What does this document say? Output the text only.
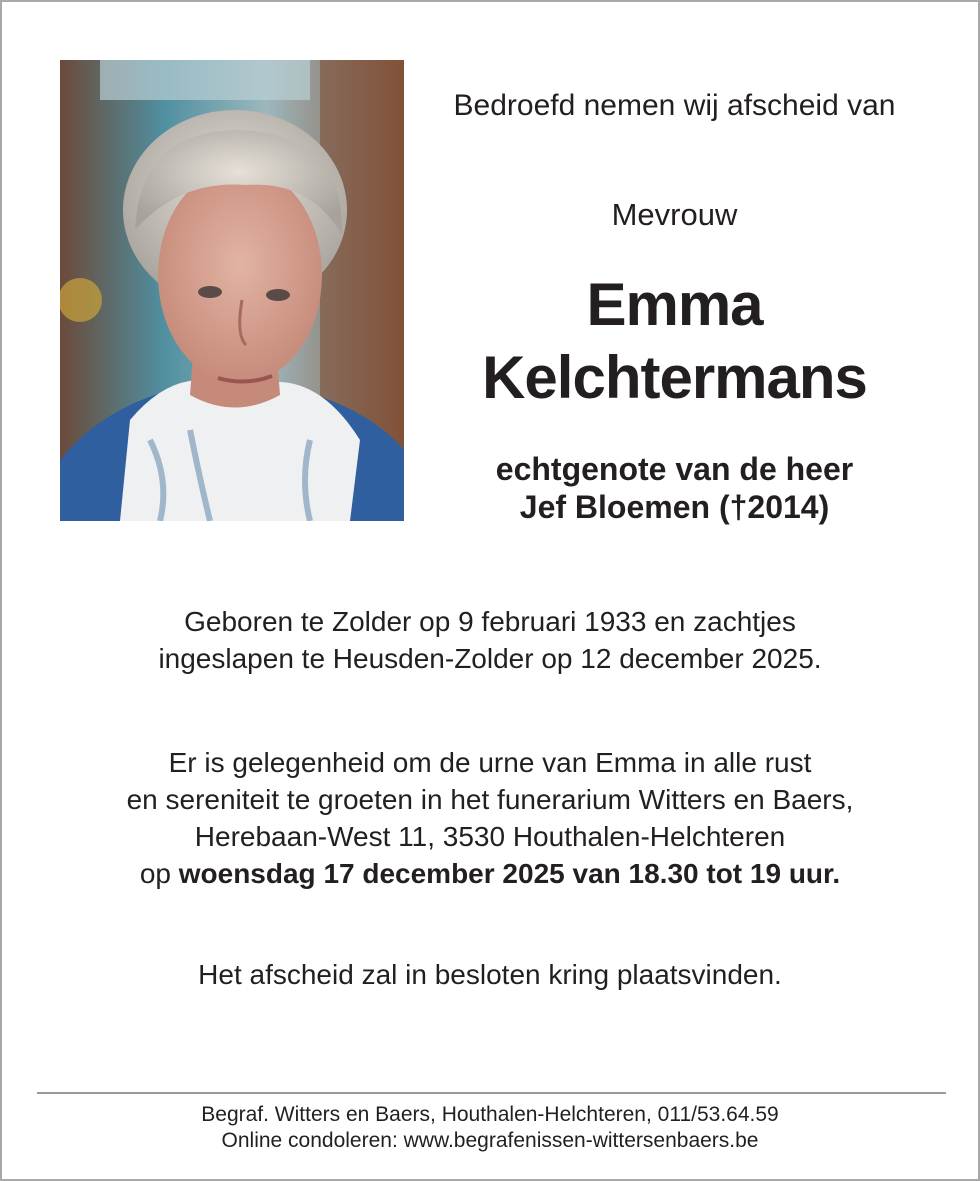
Bedroefd nemen wij afscheid van
Mevrouw
Emma
Kelchtermans
echtgenote van de heer
Jef Bloemen (†2014)
Geboren te Zolder op 9 februari 1933 en zachtjes
ingeslapen te Heusden-Zolder op 12 december 2025.
Er is gelegenheid om de urne van Emma in alle rust
en sereniteit te groeten in het funerarium Witters en Baers,
Herebaan-West 11, 3530 Houthalen-Helchteren
op woensdag 17 december 2025 van 18.30 tot 19 uur.
Het afscheid zal in besloten kring plaatsvinden.
Begraf. Witters en Baers, Houthalen-Helchteren, 011/53.64.59
Online condoleren: www.begrafenissen-wittersenbaers.be
